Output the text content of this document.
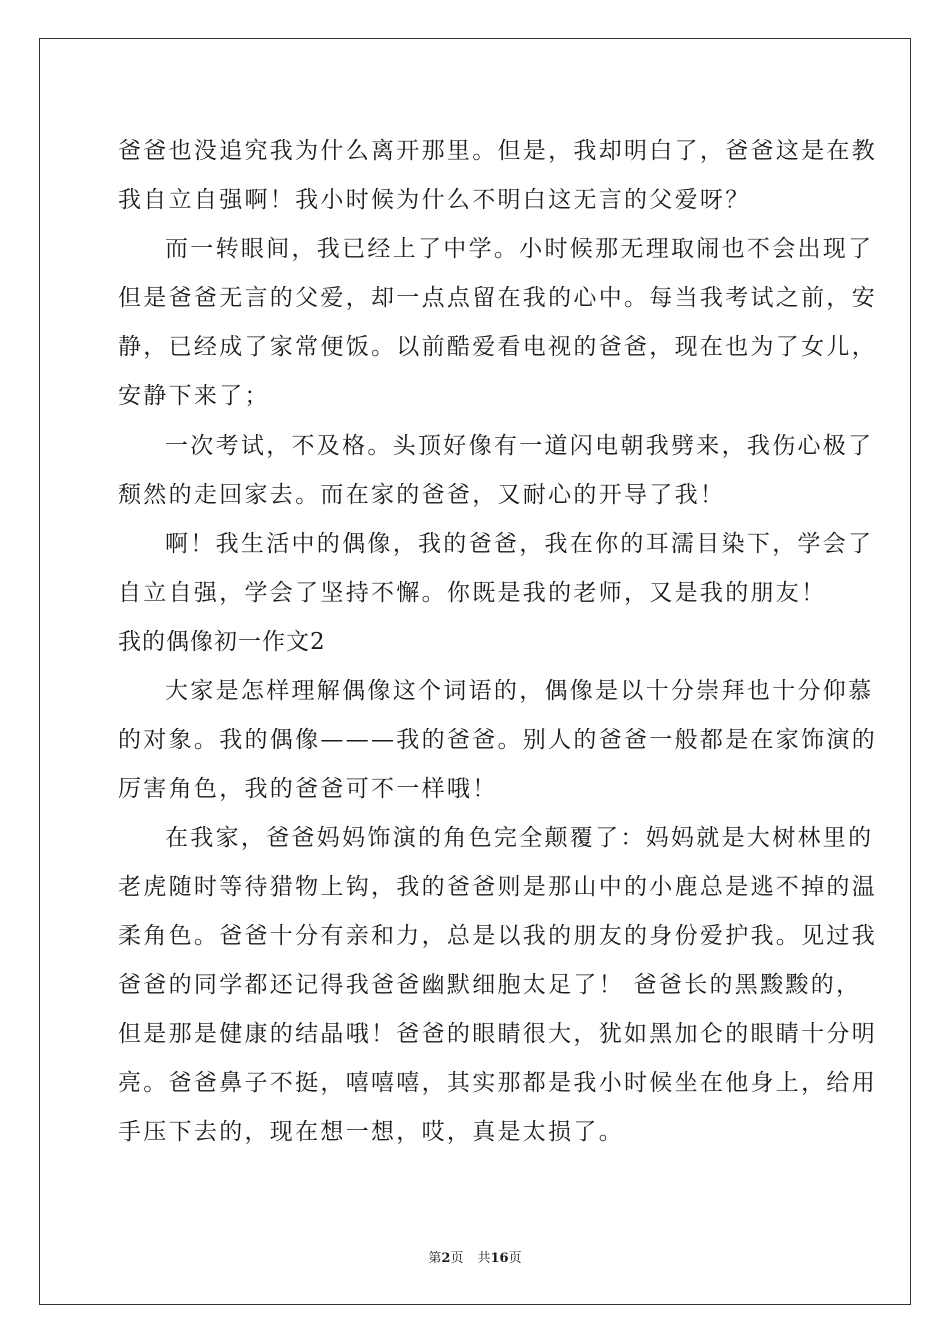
爸爸也没追究我为什么离开那里。但是，我却明白了，爸爸这是在教

我自立自强啊！我小时候为什么不明白这无言的父爱呀？

而一转眼间，我已经上了中学。小时候那无理取闹也不会出现了

但是爸爸无言的父爱，却一点点留在我的心中。每当我考试之前，安

静，已经成了家常便饭。以前酷爱看电视的爸爸，现在也为了女儿，

安静下来了；

一次考试，不及格。头顶好像有一道闪电朝我劈来，我伤心极了

颓然的走回家去。而在家的爸爸，又耐心的开导了我！

啊！我生活中的偶像，我的爸爸，我在你的耳濡目染下，学会了

自立自强，学会了坚持不懈。你既是我的老师，又是我的朋友！

我的偶像初一作文2

大家是怎样理解偶像这个词语的，偶像是以十分崇拜也十分仰慕

的对象。我的偶像———我的爸爸。别人的爸爸一般都是在家饰演的

厉害角色，我的爸爸可不一样哦！

在我家，爸爸妈妈饰演的角色完全颠覆了：妈妈就是大树林里的

老虎随时等待猎物上钩，我的爸爸则是那山中的小鹿总是逃不掉的温

柔角色。爸爸十分有亲和力，总是以我的朋友的身份爱护我。见过我

爸爸的同学都还记得我爸爸幽默细胞太足了！ 爸爸长的黑黢黢的，

但是那是健康的结晶哦！爸爸的眼睛很大，犹如黑加仑的眼睛十分明

亮。爸爸鼻子不挺，嘻嘻嘻，其实那都是我小时候坐在他身上，给用

手压下去的，现在想一想，哎，真是太损了。

第2页 共16页
